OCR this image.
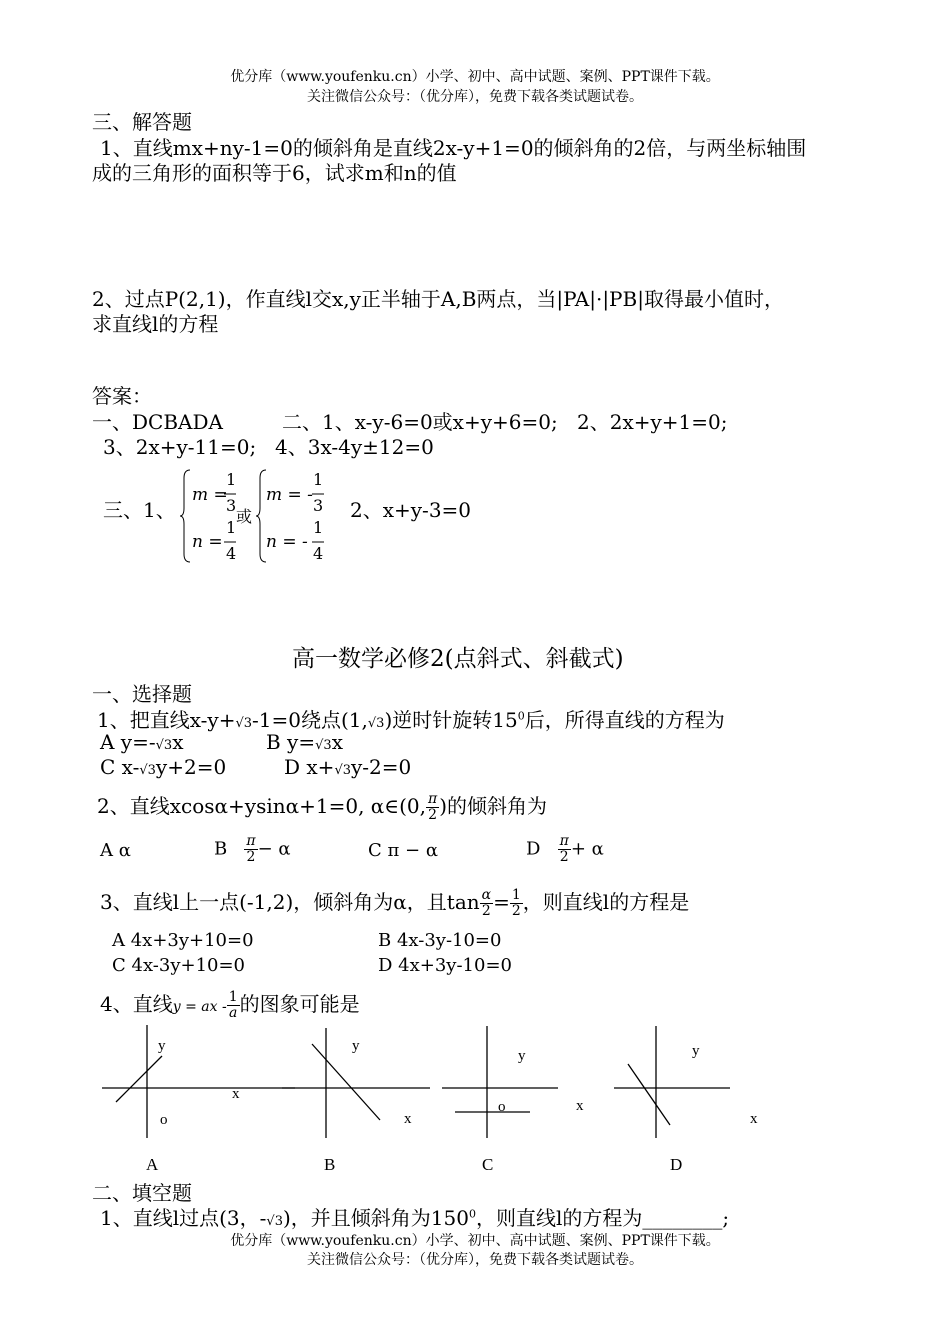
优分库（www.youfenku.cn）小学、初中、高中试题、案例、PPT课件下载。
关注微信公众号：（优分库），免费下载各类试题试卷。
三、解答题
1、直线mx+ny-1=0的倾斜角是直线2x-y+1=0的倾斜角的2倍，与两坐标轴围
成的三角形的面积等于6，试求m和n的值
2、过点P(2,1)，作直线l交x,y正半轴于A,B两点，当|PA|·|PB|取得最小值时，
求直线l的方程
答案：
一、DCBADA	二、1、x-y-6=0或x+y+6=0; 2、2x+y+1=0;
3、2x+y-11=0; 4、3x-4y±12=0
三、1、
m =
1
3
或
n =
1
4
m = -
1
3
n = -
1
4
2、x+y-3=0
高一数学必修2(点斜式、斜截式)
一、选择题
1、把直线x-y+√3-1=0绕点(1,√3)逆时针旋转$15^0$后，所得直线的方程为
A y=-√3x	B y=√3x
C x-√3y+2=0	D x+√3y-2=0
2、直线xcosα+ysinα+1=0, α∈(0, $\frac{\pi}{2}$ )的倾斜角为
A α	B $\frac{\pi}{2} - \alpha$	C π − α	D $\frac{\pi}{2} + \alpha$
3、直线l上一点(-1,2)，倾斜角为α，且$\tan \frac{\alpha}{2} = \frac{1}{2}$ ，则直线l的方程是
A 4x+3y+10=0	B 4x-3y-10=0
C 4x-3y+10=0	D 4x+3y-10=0
4、直线y = ax - $\frac{1}{a}$ 的图象可能是
y
x
o
A
y
x
B
y
x
o
C
y
x
D
二、填空题
1、直线l过点(3，-√3)，并且倾斜角为$150^0$，则直线l的方程为________;
优分库（www.youfenku.cn）小学、初中、高中试题、案例、PPT课件下载。
关注微信公众号：（优分库），免费下载各类试题试卷。
